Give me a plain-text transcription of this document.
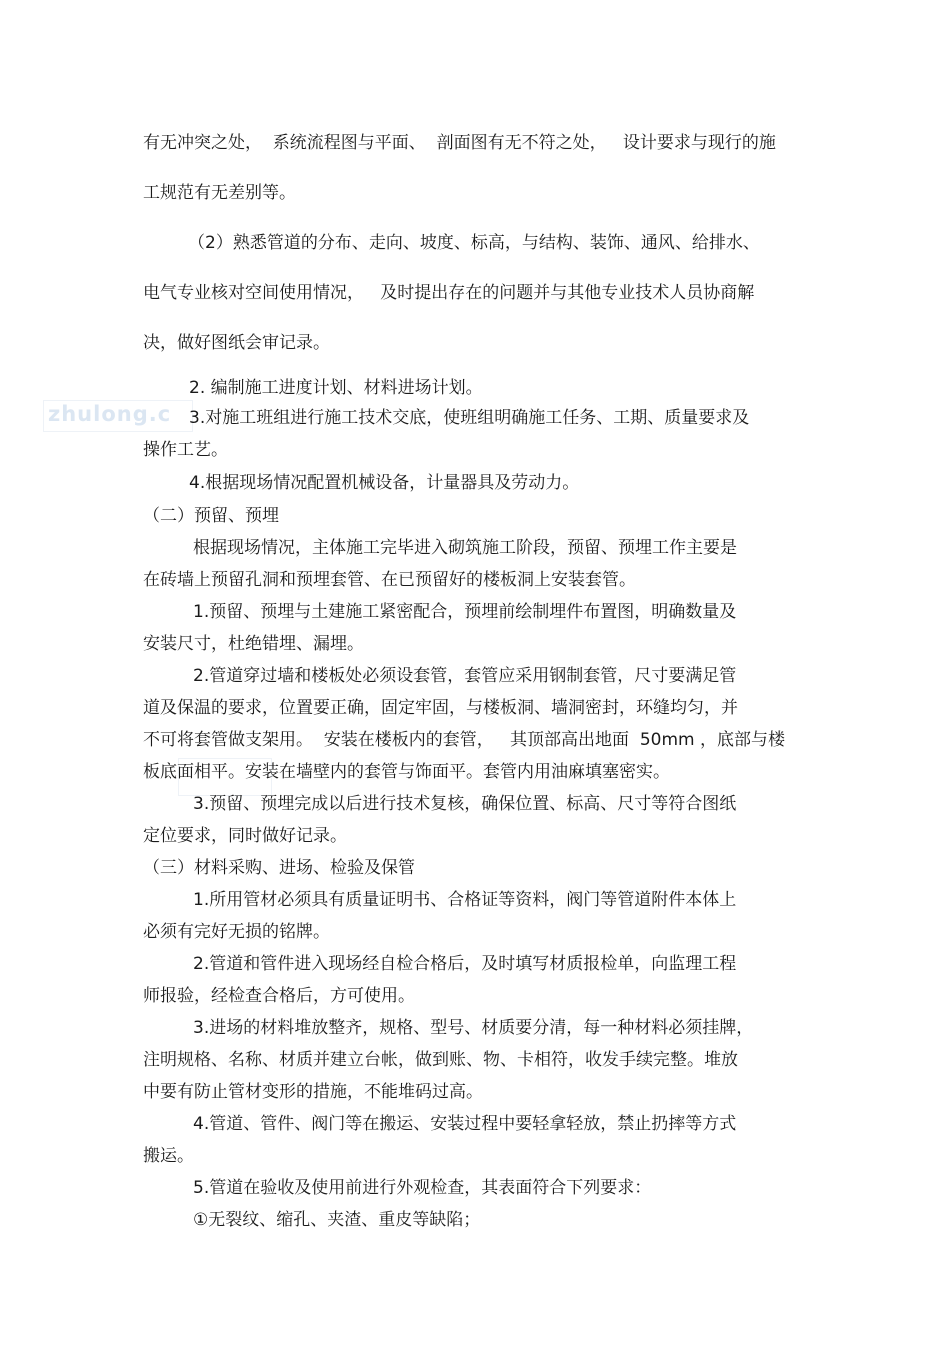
zhulong.c

有无冲突之处，  系统流程图与平面、  剖面图有无不符之处，   设计要求与现行的施

工规范有无差别等。

（2）熟悉管道的分布、走向、坡度、标高，与结构、装饰、通风、给排水、

电气专业核对空间使用情况，   及时提出存在的问题并与其他专业技术人员协商解

决，做好图纸会审记录。

2. 编制施工进度计划、材料进场计划。

3.对施工班组进行施工技术交底，使班组明确施工任务、工期、质量要求及

操作工艺。

4.根据现场情况配置机械设备，计量器具及劳动力。

（二）预留、预埋

根据现场情况，主体施工完毕进入砌筑施工阶段，预留、预埋工作主要是

在砖墙上预留孔洞和预埋套管、在已预留好的楼板洞上安装套管。

1.预留、预埋与土建施工紧密配合，预埋前绘制埋件布置图，明确数量及

安装尺寸，杜绝错埋、漏埋。

2.管道穿过墙和楼板处必须设套管，套管应采用钢制套管，尺寸要满足管

道及保温的要求，位置要正确，固定牢固，与楼板洞、墙洞密封，环缝均匀，并

不可将套管做支架用。  安装在楼板内的套管，   其顶部高出地面  50mm ，底部与楼

板底面相平。安装在墙壁内的套管与饰面平。套管内用油麻填塞密实。

3.预留、预埋完成以后进行技术复核，确保位置、标高、尺寸等符合图纸

定位要求，同时做好记录。

（三）材料采购、进场、检验及保管

1.所用管材必须具有质量证明书、合格证等资料，阀门等管道附件本体上

必须有完好无损的铭牌。

2.管道和管件进入现场经自检合格后，及时填写材质报检单，向监理工程

师报验，经检查合格后，方可使用。

3.进场的材料堆放整齐，规格、型号、材质要分清，每一种材料必须挂牌，

注明规格、名称、材质并建立台帐，做到账、物、卡相符，收发手续完整。堆放

中要有防止管材变形的措施，不能堆码过高。

4.管道、管件、阀门等在搬运、安装过程中要轻拿轻放，禁止扔摔等方式

搬运。

5.管道在验收及使用前进行外观检查，其表面符合下列要求：

①无裂纹、缩孔、夹渣、重皮等缺陷；
